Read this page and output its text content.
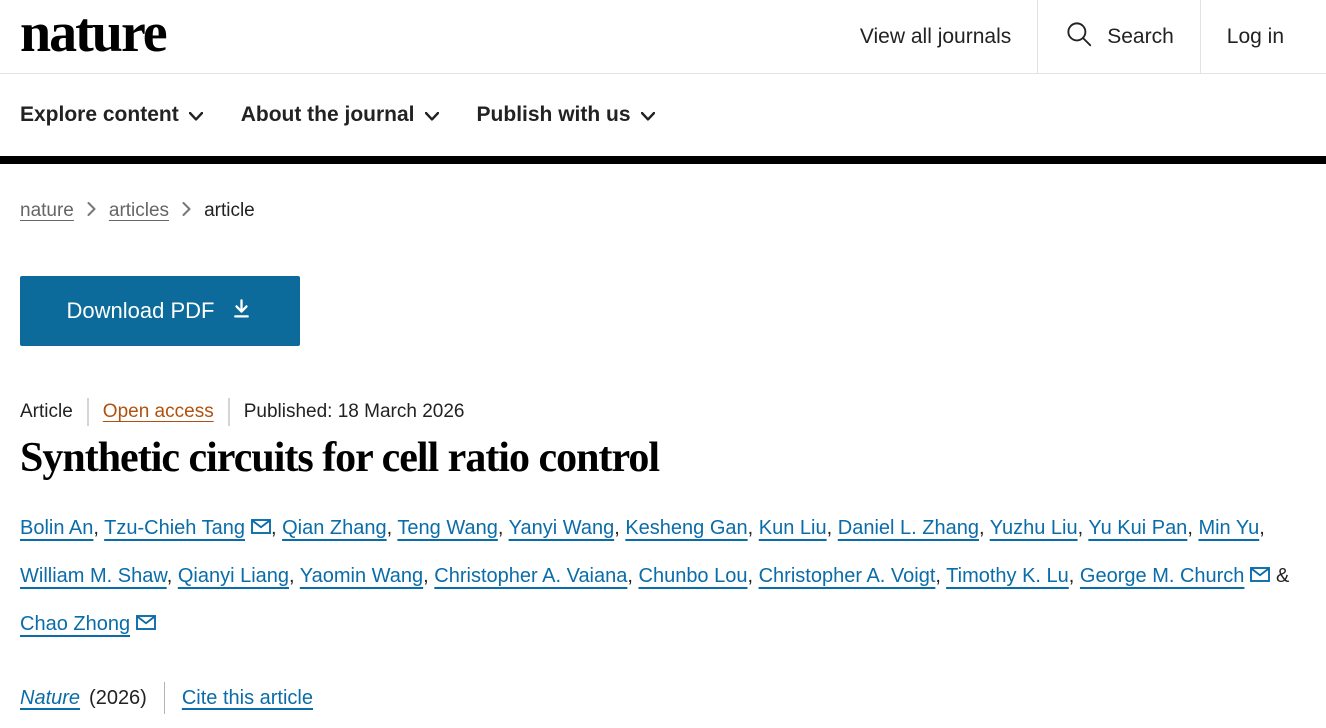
nature	View all journals	Search	Log in
Explore content	About the journal	Publish with us
nature articles article
Download PDF
Article Open access Published: 18 March 2026
Synthetic circuits for cell ratio control

Bolin An, Tzu-Chieh Tang , Qian Zhang, Teng Wang, Yanyi Wang, Kesheng Gan, Kun Liu, Daniel L. Zhang, Yuzhu Liu, Yu Kui Pan, Min Yu, William M. Shaw, Qianyi Liang, Yaomin Wang, Christopher A. Vaiana, Chunbo Lou, Christopher A. Voigt, Timothy K. Lu, George M. Church & Chao Zhong

Nature (2026) Cite this article
